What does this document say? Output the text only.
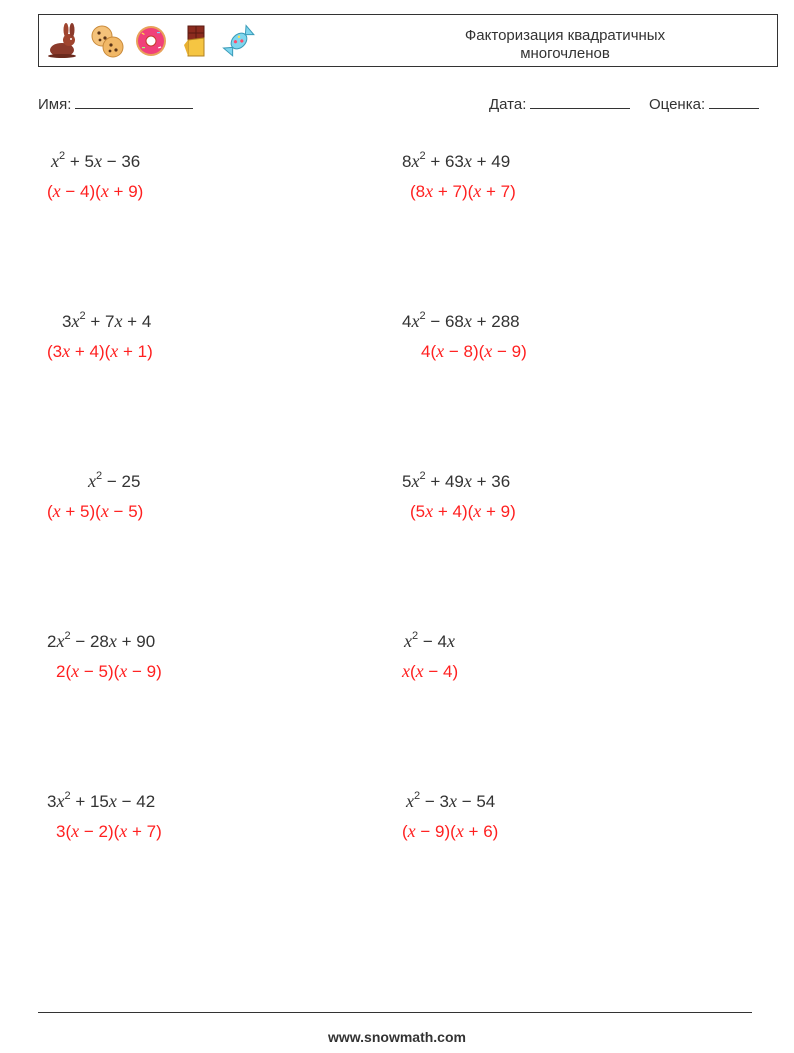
Факторизация квадратичных
многочленов
Имя:	Дата:	Оценка:
$x^2 + 5x - 36$
(x − 4)(x + 9)
$8x^2 + 63x + 49$
(8x + 7)(x + 7)
$3x^2 + 7x + 4$
(3x + 4)(x + 1)
$4x^2 - 68x + 288$
4(x − 8)(x − 9)
$x^2 - 25$
(x + 5)(x − 5)
$5x^2 + 49x + 36$
(5x + 4)(x + 9)
$2x^2 - 28x + 90$
2(x − 5)(x − 9)
$x^2 - 4x$
x(x − 4)
$3x^2 + 15x - 42$
3(x − 2)(x + 7)
$x^2 - 3x - 54$
(x − 9)(x + 6)
www.snowmath.com
